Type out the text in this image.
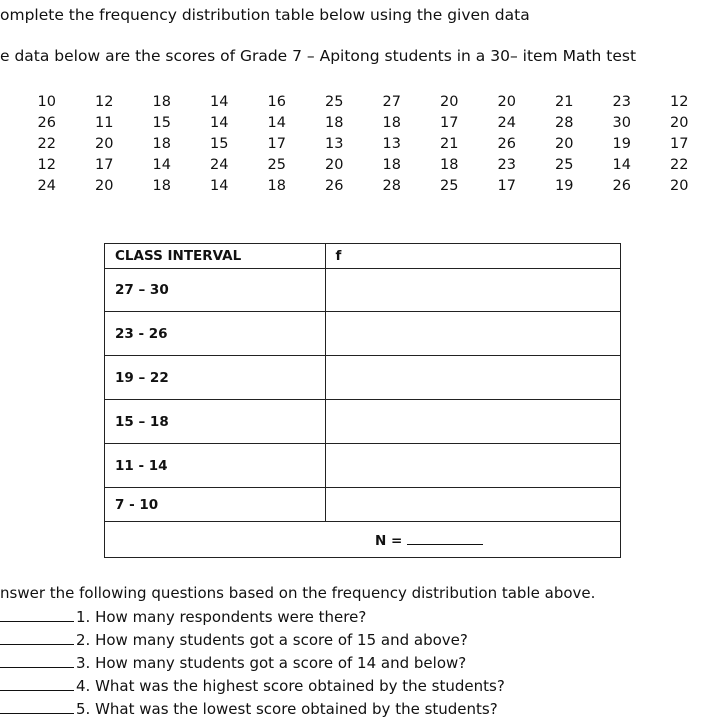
omplete the frequency distribution table below using the given data
e data below are the scores of Grade 7 – Apitong students in a 30– item Math test
10	12	18	14	16	25	27	20	20	21	23	12
26	11	15	14	14	18	18	17	24	28	30	20
22	20	18	15	17	13	13	21	26	20	19	17
12	17	14	24	25	20	18	18	23	25	14	22
24	20	18	14	18	26	28	25	17	19	26	20
CLASS INTERVAL	f
27 – 30	
23 - 26	
19 – 22	
15 – 18	
11 - 14	
7 - 10	
	N =
nswer the following questions based on the frequency distribution table above.
1. How many respondents were there?
2. How many students got a score of 15 and above?
3. How many students got a score of 14 and below?
4. What was the highest score obtained by the students?
5. What was the lowest score obtained by the students?
